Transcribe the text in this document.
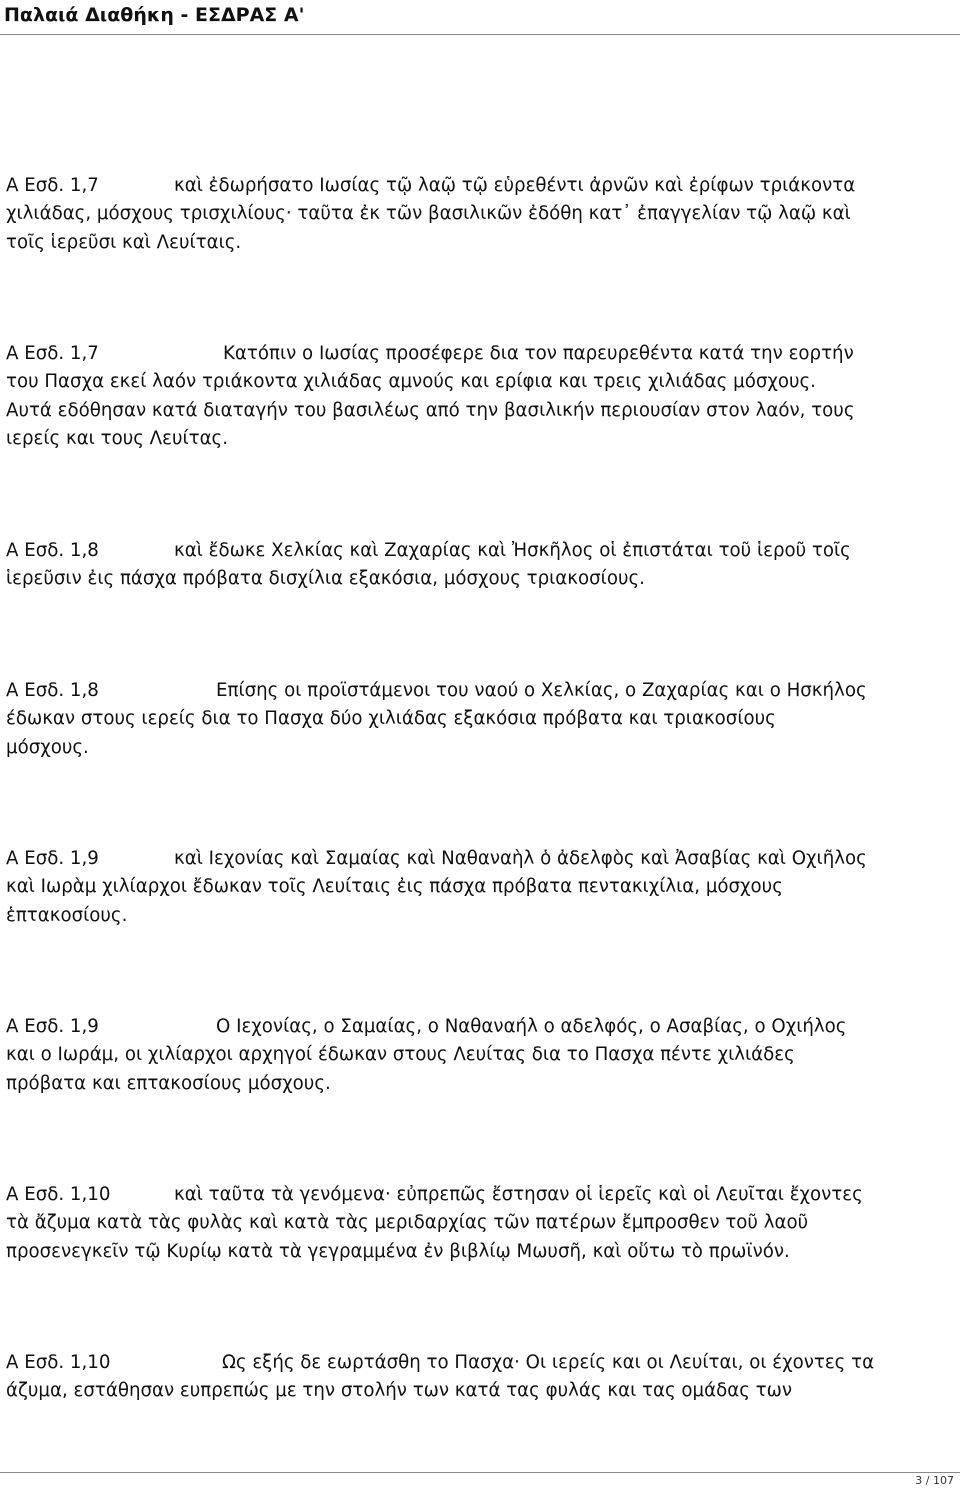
Παλαιά Διαθήκη - ΕΣΔΡΑΣ Α'
Α Εσδ. 1,7	καὶ ἐδωρήσατο Ιωσίας τῷ λαῷ τῷ εὑρεθέντι ἀρνῶν καὶ ἐρίφων τριάκοντα
χιλιάδας, μόσχους τρισχιλίους· ταῦτα ἐκ τῶν βασιλικῶν ἐδόθη κατ᾽ ἐπαγγελίαν τῷ λαῷ καὶ
τοῖς ἱερεῦσι καὶ Λευίταις.
Α Εσδ. 1,7	Κατόπιν ο Ιωσίας προσέφερε δια τον παρευρεθέντα κατά την εορτήν
του Πασχα εκεί λαόν τριάκοντα χιλιάδας αμνούς και ερίφια και τρεις χιλιάδας μόσχους.
Αυτά εδόθησαν κατά διαταγήν του βασιλέως από την βασιλικήν περιουσίαν στον λαόν, τους
ιερείς και τους Λευίτας.
Α Εσδ. 1,8	καὶ ἔδωκε Χελκίας καὶ Ζαχαρίας καὶ Ἠσκῆλος οἱ ἐπιστάται τοῦ ἱεροῦ τοῖς
ἱερεῦσιν ἐις πάσχα πρόβατα δισχίλια εξακόσια, μόσχους τριακοσίους.
Α Εσδ. 1,8	Επίσης οι προϊστάμενοι του ναού ο Χελκίας, ο Ζαχαρίας και ο Ησκήλος
έδωκαν στους ιερείς δια το Πασχα δύο χιλιάδας εξακόσια πρόβατα και τριακοσίους
μόσχους.
Α Εσδ. 1,9	καὶ Ιεχονίας καὶ Σαμαίας καὶ Ναθαναὴλ ὁ ἀδελφὸς καὶ Ἀσαβίας καὶ Οχιῆλος
καὶ Ιωρὰμ χιλίαρχοι ἔδωκαν τοῖς Λευίταις ἐις πάσχα πρόβατα πεντακιχίλια, μόσχους
ἑπτακοσίους.
Α Εσδ. 1,9	Ο Ιεχονίας, ο Σαμαίας, ο Ναθαναήλ ο αδελφός, ο Ασαβίας, ο Οχιήλος
και ο Ιωράμ, οι χιλίαρχοι αρχηγοί έδωκαν στους Λευίτας δια το Πασχα πέντε χιλιάδες
πρόβατα και επτακοσίους μόσχους.
Α Εσδ. 1,10	καὶ ταῦτα τὰ γενόμενα· εὐπρεπῶς ἔστησαν οἱ ἱερεῖς καὶ οἱ Λευῖται ἔχοντες
τὰ ἄζυμα κατὰ τὰς φυλὰς καὶ κατὰ τὰς μεριδαρχίας τῶν πατέρων ἔμπροσθεν τοῦ λαοῦ
προσενεγκεῖν τῷ Κυρίῳ κατὰ τὰ γεγραμμένα ἐν βιβλίῳ Μωυσῆ, καὶ οὕτω τὸ πρωϊνόν.
Α Εσδ. 1,10	Ως εξής δε εωρτάσθη το Πασχα· Οι ιερείς και οι Λευίται, οι έχοντες τα
άζυμα, εστάθησαν ευπρεπώς με την στολήν των κατά τας φυλάς και τας ομάδας των
3 / 107
